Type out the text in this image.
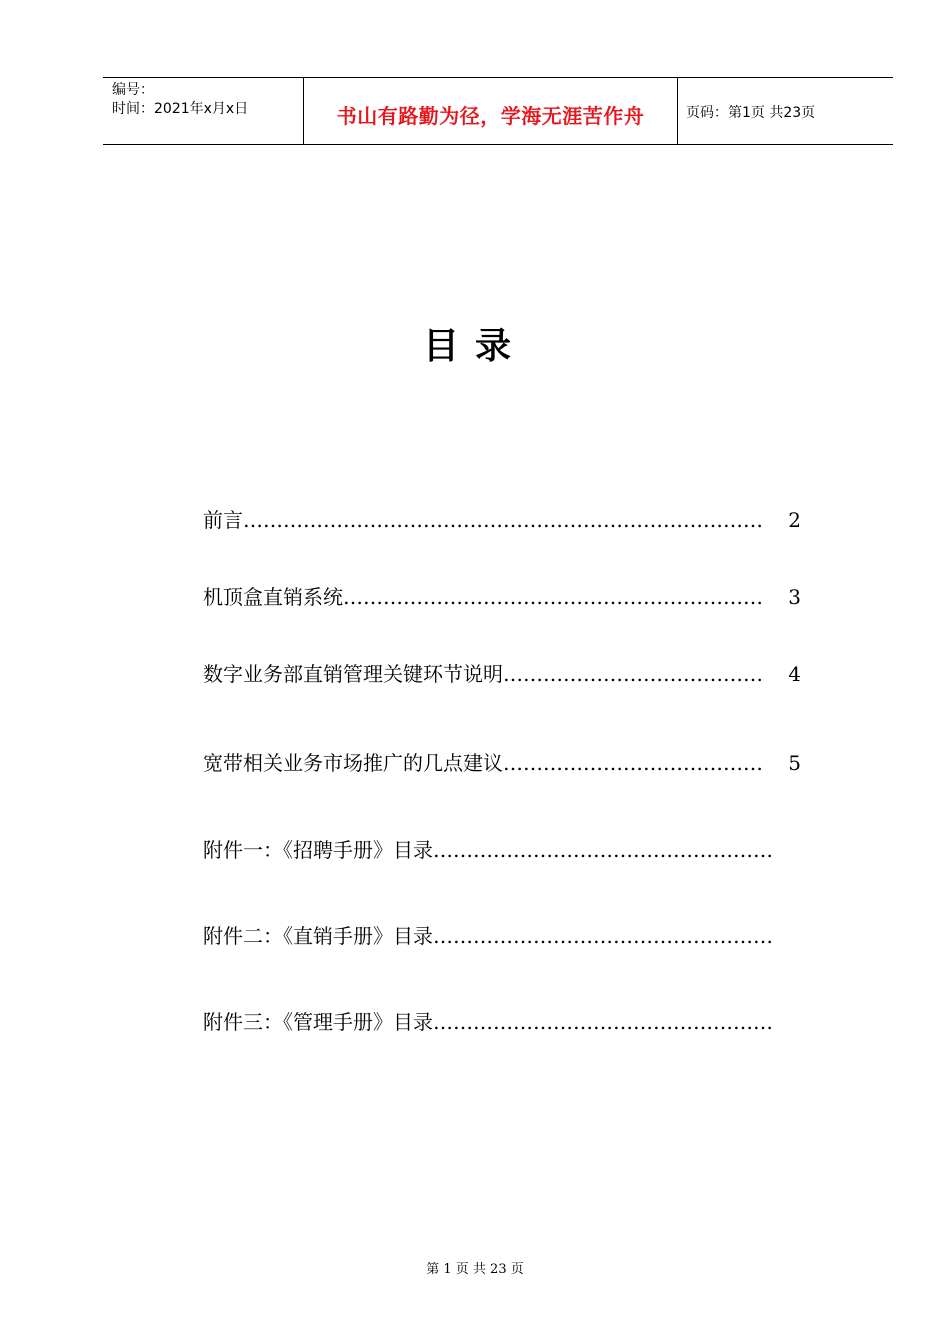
编号：
时间：2021年x月x日	书山有路勤为径，学海无涯苦作舟	页码：第1页 共23页
目录
前言…………………………………………………………………… 2
机顶盒直销系统……………………………………………………… 3
数字业务部直销管理关键环节说明………………………………… 4
宽带相关业务市场推广的几点建议………………………………… 5
附件一：《招聘手册》目录……………………………………………
附件二：《直销手册》目录……………………………………………
附件三：《管理手册》目录……………………………………………
第 1 页 共 23 页
